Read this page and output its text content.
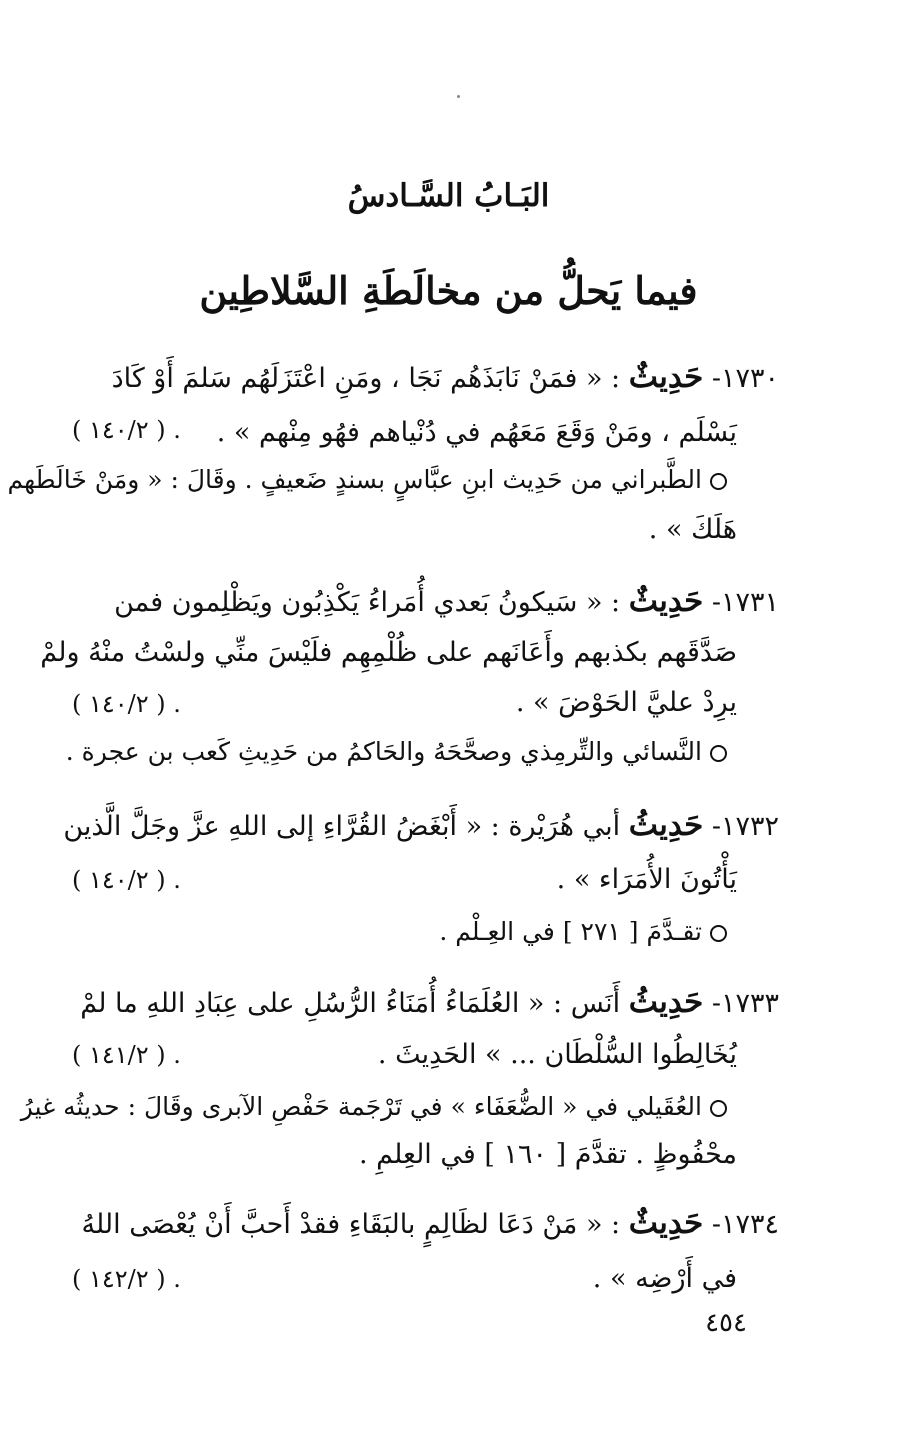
البَـابُ السَّـادسُ
فيما يَحلُّ من مخالَطَةِ السَّلاطِين
١٧٣٠- حَدِيثٌ : « فمَنْ نَابَذَهُم نَجَا ، ومَنِ اعْتَزَلَهُم سَلمَ أَوْ كَادَ
يَسْلَم ، ومَنْ وَقَعَ مَعَهُم في دُنْياهم فهُو مِنْهم » .
( ١٤٠/٢ ) .
الطَّبراني من حَدِيث ابنِ عبَّاسٍ بسندٍ ضَعيفٍ . وقَالَ : « ومَنْ خَالَطَهم
هَلَكَ » .
١٧٣١- حَدِيثٌ : « سَيكونُ بَعدي أُمَراءُ يَكْذِبُون ويَظْلِمون فمن
صَدَّقَهم بكذبهم وأَعَانَهم على ظُلْمِهِم فلَيْسَ منِّي ولسْتُ منْهُ ولمْ
يرِدْ عليَّ الحَوْضَ » .
( ١٤٠/٢ ) .
النَّسائي والتِّرمِذي وصحَّحَهُ والحَاكمُ من حَدِيثِ كَعب بن عجرة .
١٧٣٢- حَدِيثُ أبي هُرَيْرة : « أَبْغَضُ القُرَّاءِ إلى اللهِ عزَّ وجَلَّ الَّذين
يَأْتُونَ الأُمَرَاء » .
( ١٤٠/٢ ) .
تقـدَّمَ [ ٢٧١ ] في العِـلْم .
١٧٣٣- حَدِيثُ أَنَس : « العُلَمَاءُ أُمَنَاءُ الرُّسُلِ على عِبَادِ اللهِ ما لمْ
يُخَالِطُوا السُّلْطَان ... » الحَدِيثَ .
( ١٤١/٢ ) .
العُقَيلي في « الضُّعَفَاء » في تَرْجَمة حَفْصِ الآبرى وقَالَ : حديثُه غيرُ
محْفُوظٍ . تقدَّمَ [ ١٦٠ ] في العِلمِ .
١٧٣٤- حَدِيثٌ : « مَنْ دَعَا لظَالِمٍ بالبَقَاءِ فقدْ أَحبَّ أَنْ يُعْصَى اللهُ
في أَرْضِه » .
( ١٤٢/٢ ) .
٤٥٤
